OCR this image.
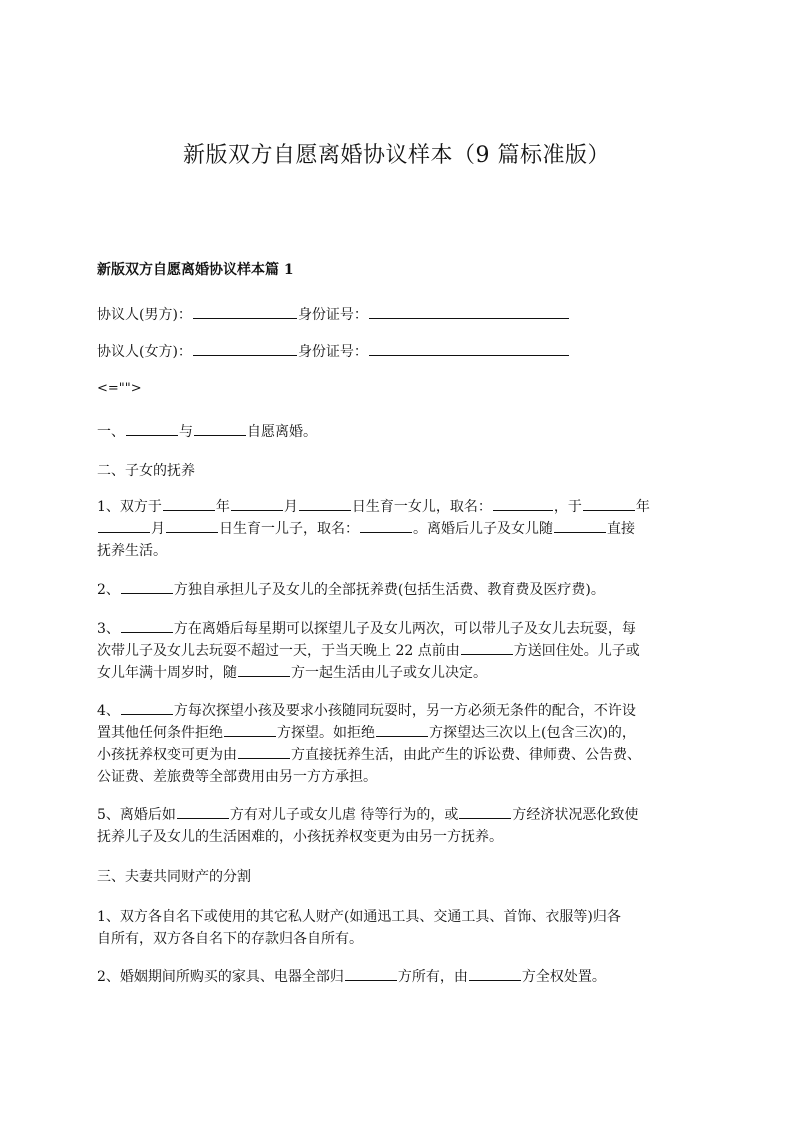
新版双方自愿离婚协议样本（9 篇标准版）
新版双方自愿离婚协议样本篇 1
协议人(男方)：	身份证号：
协议人(女方)：	身份证号：
<="">
一、	与	自愿离婚。
二、子女的抚养
1、双方于	年	月	日生育一女儿，取名：	，于	年
月	日生育一儿子，取名：	。离婚后儿子及女儿随	直接
抚养生活。
2、	方独自承担儿子及女儿的全部抚养费(包括生活费、教育费及医疗费)。
3、	方在离婚后每星期可以探望儿子及女儿两次，可以带儿子及女儿去玩耍，每
次带儿子及女儿去玩耍不超过一天，于当天晚上 22 点前由	方送回住处。儿子或
女儿年满十周岁时，随	方一起生活由儿子或女儿决定。
4、	方每次探望小孩及要求小孩随同玩耍时，另一方必须无条件的配合，不许设
置其他任何条件拒绝	方探望。如拒绝	方探望达三次以上(包含三次)的，
小孩抚养权变可更为由	方直接抚养生活，由此产生的诉讼费、律师费、公告费、
公证费、差旅费等全部费用由另一方方承担。
5、离婚后如	方有对儿子或女儿虐 待等行为的，或	方经济状况恶化致使
抚养儿子及女儿的生活困难的，小孩抚养权变更为由另一方抚养。
三、夫妻共同财产的分割
1、双方各自名下或使用的其它私人财产(如通迅工具、交通工具、首饰、衣服等)归各
自所有，双方各自名下的存款归各自所有。
2、婚姻期间所购买的家具、电器全部归	方所有，由	方全权处置。
